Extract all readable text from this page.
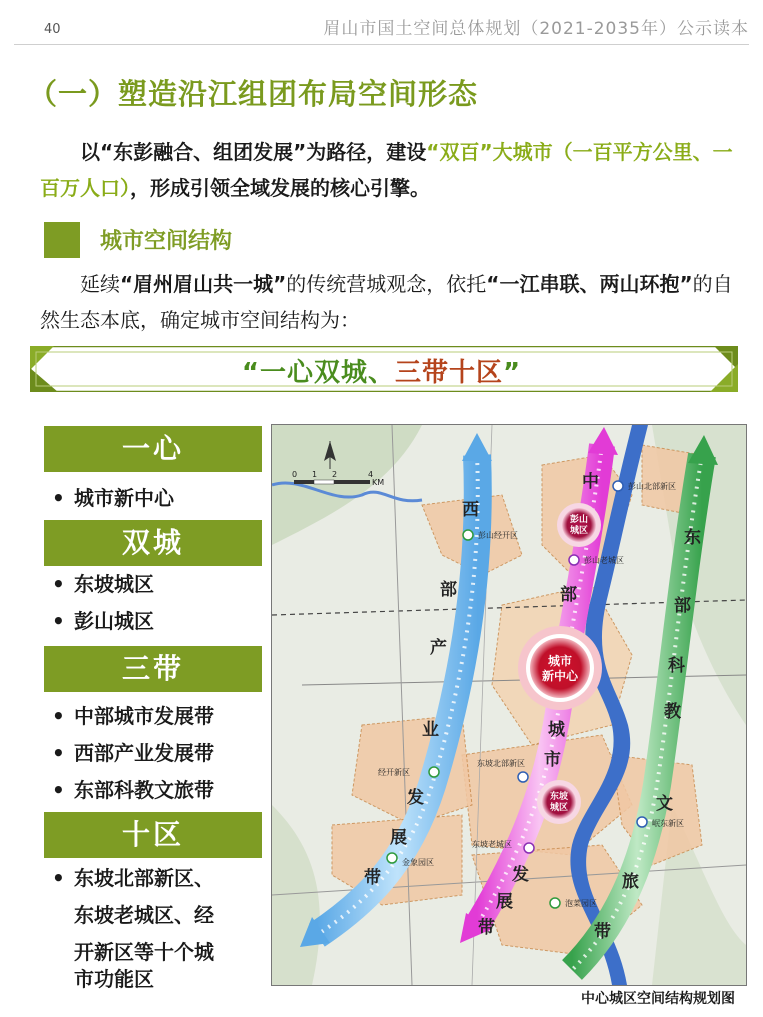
40	眉山市国土空间总体规划（2021-2035年）公示读本
（一）塑造沿江组团布局空间形态
以“东彭融合、组团发展”为路径，建设“双百”大城市（一百平方公里、一百万人口），形成引领全域发展的核心引擎。
城市空间结构
延续“眉州眉山共一城”的传统营城观念，依托“一江串联、两山环抱”的自然生态本底，确定城市空间结构为：
“一心双城、三带十区”
一心
• 城市新中心
双城
• 东坡城区
• 彭山城区
三带
• 中部城市发展带
• 西部产业发展带
• 东部科教文旅带
十区
• 东坡北部新区、
东坡老城区、经
开新区等十个城
市功能区
彭山
城区
城市
新中心
东坡
城区
西
部
产
业
发
展
带
中
部
城
市
发
展
带
东
部
科
教
文
旅
带
彭山北部新区
彭山经开区
彭山老城区
东坡北部新区
经开新区
岷东新区
东坡老城区
金象园区
泡菜园区
0 1 2	4
KM
中心城区空间结构规划图
